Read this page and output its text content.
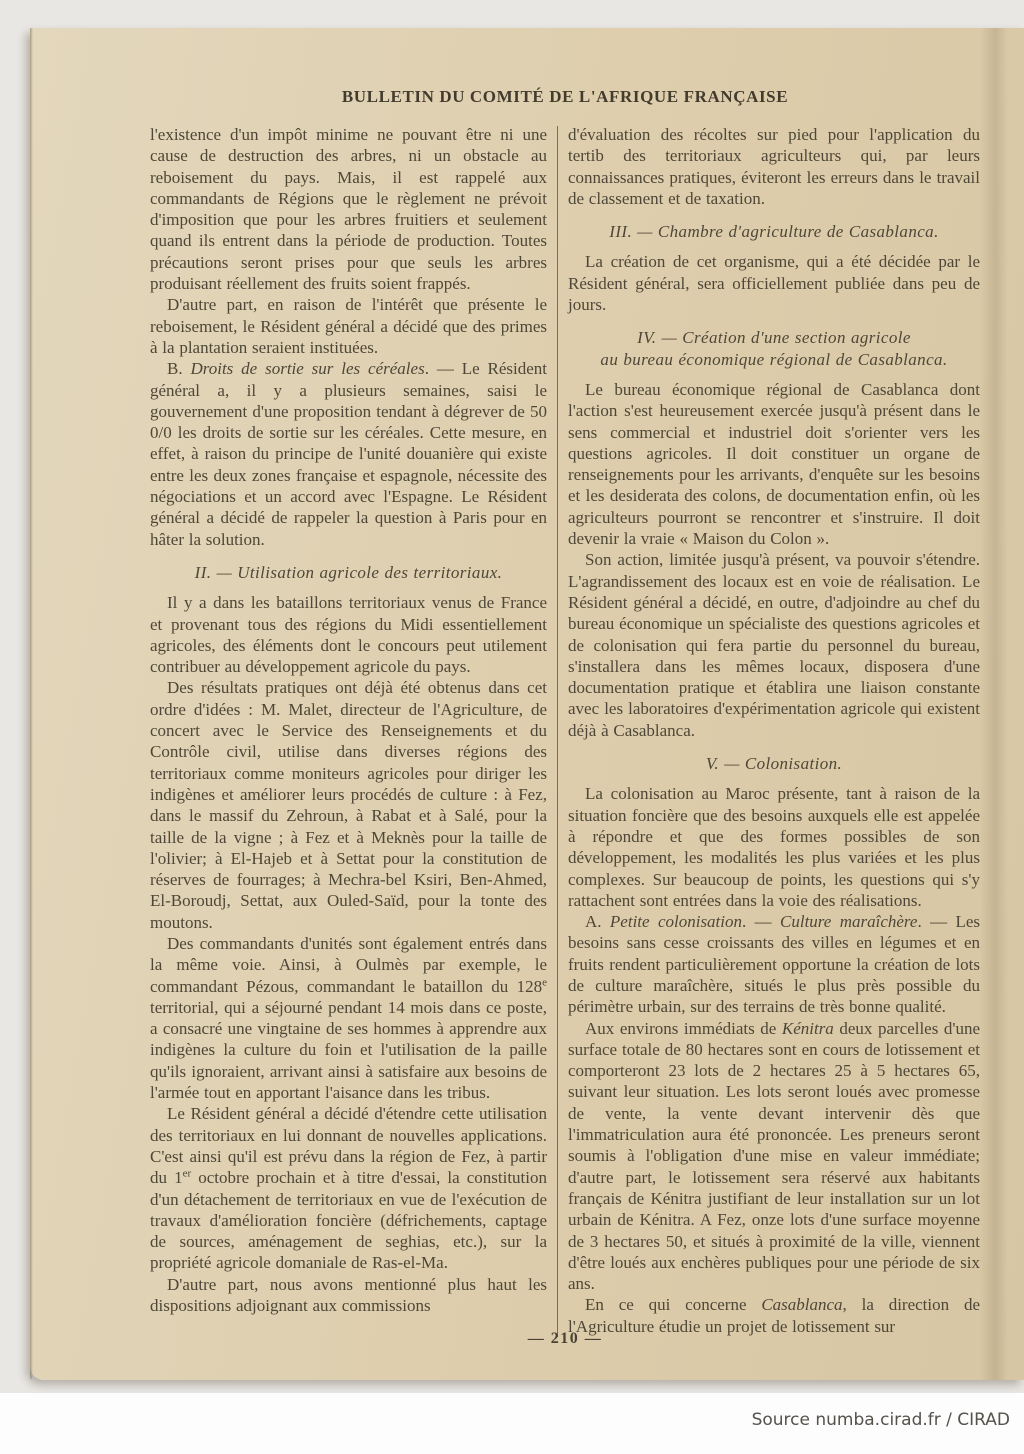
BULLETIN DU COMITÉ DE L'AFRIQUE FRANÇAISE

l'existence d'un impôt minime ne pouvant être ni une cause de destruction des arbres, ni un obstacle au reboisement du pays. Mais, il est rappelé aux commandants de Régions que le règlement ne prévoit d'imposition que pour les arbres fruitiers et seulement quand ils entrent dans la période de production. Toutes précautions seront prises pour que seuls les arbres produisant réellement des fruits soient frappés.

D'autre part, en raison de l'intérêt que présente le reboisement, le Résident général a décidé que des primes à la plantation seraient instituées.

B. Droits de sortie sur les céréales. — Le Résident général a, il y a plusieurs semaines, saisi le gouvernement d'une proposition tendant à dégrever de 50 0/0 les droits de sortie sur les céréales. Cette mesure, en effet, à raison du principe de l'unité douanière qui existe entre les deux zones française et espagnole, nécessite des négociations et un accord avec l'Espagne. Le Résident général a décidé de rappeler la question à Paris pour en hâter la solution.

II. — Utilisation agricole des territoriaux.

Il y a dans les bataillons territoriaux venus de France et provenant tous des régions du Midi essentiellement agricoles, des éléments dont le concours peut utilement contribuer au développement agricole du pays.

Des résultats pratiques ont déjà été obtenus dans cet ordre d'idées : M. Malet, directeur de l'Agriculture, de concert avec le Service des Renseignements et du Contrôle civil, utilise dans diverses régions des territoriaux comme moniteurs agricoles pour diriger les indigènes et améliorer leurs procédés de culture : à Fez, dans le massif du Zehroun, à Rabat et à Salé, pour la taille de la vigne ; à Fez et à Meknès pour la taille de l'olivier; à El-Hajeb et à Settat pour la constitution de réserves de fourrages; à Mechra-bel Ksiri, Ben-Ahmed, El-Boroudj, Settat, aux Ouled-Saïd, pour la tonte des moutons.

Des commandants d'unités sont également entrés dans la même voie. Ainsi, à Oulmès par exemple, le commandant Pézous, commandant le bataillon du 128e territorial, qui a séjourné pendant 14 mois dans ce poste, a consacré une vingtaine de ses hommes à apprendre aux indigènes la culture du foin et l'utilisation de la paille qu'ils ignoraient, arrivant ainsi à satisfaire aux besoins de l'armée tout en apportant l'aisance dans les tribus.

Le Résident général a décidé d'étendre cette utilisation des territoriaux en lui donnant de nouvelles applications. C'est ainsi qu'il est prévu dans la région de Fez, à partir du 1er octobre prochain et à titre d'essai, la constitution d'un détachement de territoriaux en vue de l'exécution de travaux d'amélioration foncière (défrichements, captage de sources, aménagement de seghias, etc.), sur la propriété agricole domaniale de Ras-el-Ma.

D'autre part, nous avons mentionné plus haut les dispositions adjoignant aux commissions

d'évaluation des récoltes sur pied pour l'application du tertib des territoriaux agriculteurs qui, par leurs connaissances pratiques, éviteront les erreurs dans le travail de classement et de taxation.

III. — Chambre d'agriculture de Casablanca.

La création de cet organisme, qui a été décidée par le Résident général, sera officiellement publiée dans peu de jours.

IV. — Création d'une section agricole
au bureau économique régional de Casablanca.

Le bureau économique régional de Casablanca dont l'action s'est heureusement exercée jusqu'à présent dans le sens commercial et industriel doit s'orienter vers les questions agricoles. Il doit constituer un organe de renseignements pour les arrivants, d'enquête sur les besoins et les desiderata des colons, de documentation enfin, où les agriculteurs pourront se rencontrer et s'instruire. Il doit devenir la vraie « Maison du Colon ».

Son action, limitée jusqu'à présent, va pouvoir s'étendre. L'agrandissement des locaux est en voie de réalisation. Le Résident général a décidé, en outre, d'adjoindre au chef du bureau économique un spécialiste des questions agricoles et de colonisation qui fera partie du personnel du bureau, s'installera dans les mêmes locaux, disposera d'une documentation pratique et établira une liaison constante avec les laboratoires d'expérimentation agricole qui existent déjà à Casablanca.

V. — Colonisation.

La colonisation au Maroc présente, tant à raison de la situation foncière que des besoins auxquels elle est appelée à répondre et que des formes possibles de son développement, les modalités les plus variées et les plus complexes. Sur beaucoup de points, les questions qui s'y rattachent sont entrées dans la voie des réalisations.

A. Petite colonisation. — Culture maraîchère. — Les besoins sans cesse croissants des villes en légumes et en fruits rendent particulièrement opportune la création de lots de culture maraîchère, situés le plus près possible du périmètre urbain, sur des terrains de très bonne qualité.

Aux environs immédiats de Kénitra deux parcelles d'une surface totale de 80 hectares sont en cours de lotissement et comporteront 23 lots de 2 hectares 25 à 5 hectares 65, suivant leur situation. Les lots seront loués avec promesse de vente, la vente devant intervenir dès que l'immatriculation aura été prononcée. Les preneurs seront soumis à l'obligation d'une mise en valeur immédiate; d'autre part, le lotissement sera réservé aux habitants français de Kénitra justifiant de leur installation sur un lot urbain de Kénitra. A Fez, onze lots d'une surface moyenne de 3 hectares 50, et situés à proximité de la ville, viennent d'être loués aux enchères publiques pour une période de six ans.

En ce qui concerne Casablanca, la direction de l'Agriculture étudie un projet de lotissement sur

— 210 —
Source numba.cirad.fr / CIRAD
